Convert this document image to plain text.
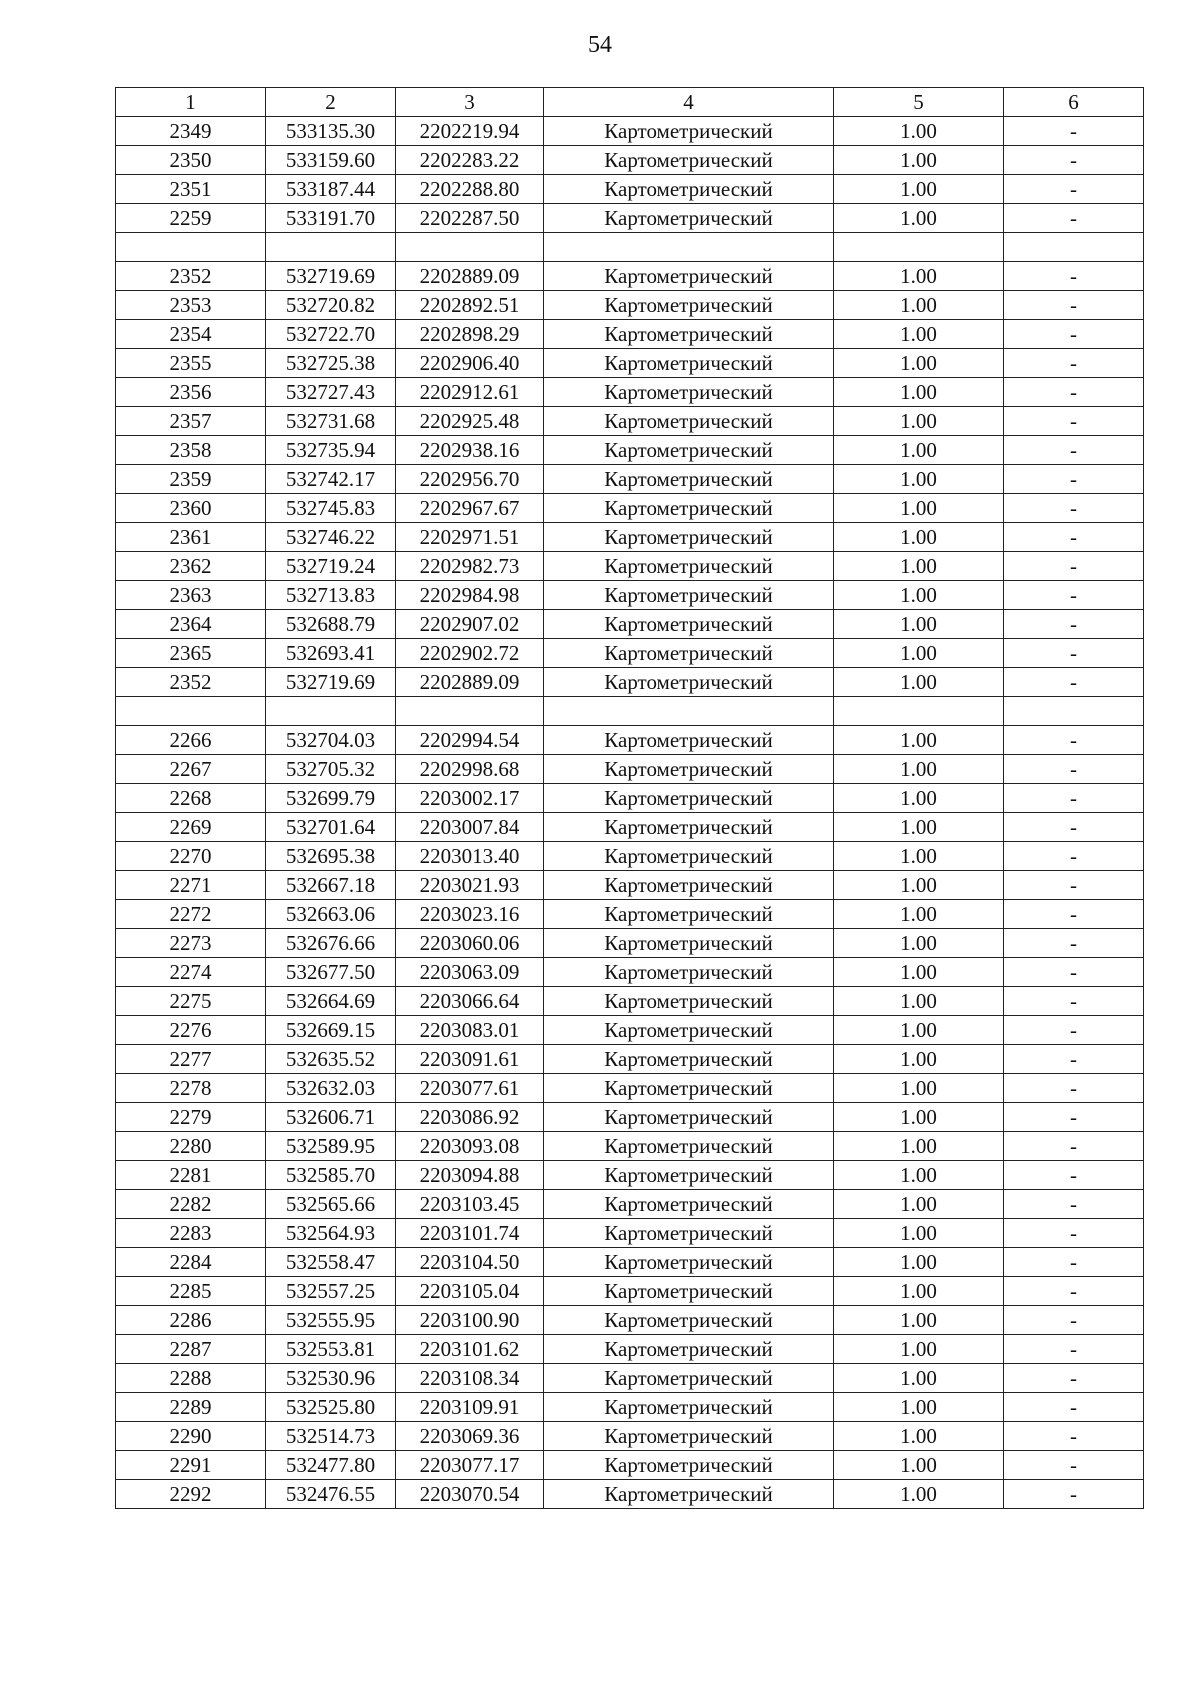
54
1	2	3	4	5	6
2349	533135.30	2202219.94	Картометрический	1.00	-
2350	533159.60	2202283.22	Картометрический	1.00	-
2351	533187.44	2202288.80	Картометрический	1.00	-
2259	533191.70	2202287.50	Картометрический	1.00	-

2352	532719.69	2202889.09	Картометрический	1.00	-
2353	532720.82	2202892.51	Картометрический	1.00	-
2354	532722.70	2202898.29	Картометрический	1.00	-
2355	532725.38	2202906.40	Картометрический	1.00	-
2356	532727.43	2202912.61	Картометрический	1.00	-
2357	532731.68	2202925.48	Картометрический	1.00	-
2358	532735.94	2202938.16	Картометрический	1.00	-
2359	532742.17	2202956.70	Картометрический	1.00	-
2360	532745.83	2202967.67	Картометрический	1.00	-
2361	532746.22	2202971.51	Картометрический	1.00	-
2362	532719.24	2202982.73	Картометрический	1.00	-
2363	532713.83	2202984.98	Картометрический	1.00	-
2364	532688.79	2202907.02	Картометрический	1.00	-
2365	532693.41	2202902.72	Картометрический	1.00	-
2352	532719.69	2202889.09	Картометрический	1.00	-

2266	532704.03	2202994.54	Картометрический	1.00	-
2267	532705.32	2202998.68	Картометрический	1.00	-
2268	532699.79	2203002.17	Картометрический	1.00	-
2269	532701.64	2203007.84	Картометрический	1.00	-
2270	532695.38	2203013.40	Картометрический	1.00	-
2271	532667.18	2203021.93	Картометрический	1.00	-
2272	532663.06	2203023.16	Картометрический	1.00	-
2273	532676.66	2203060.06	Картометрический	1.00	-
2274	532677.50	2203063.09	Картометрический	1.00	-
2275	532664.69	2203066.64	Картометрический	1.00	-
2276	532669.15	2203083.01	Картометрический	1.00	-
2277	532635.52	2203091.61	Картометрический	1.00	-
2278	532632.03	2203077.61	Картометрический	1.00	-
2279	532606.71	2203086.92	Картометрический	1.00	-
2280	532589.95	2203093.08	Картометрический	1.00	-
2281	532585.70	2203094.88	Картометрический	1.00	-
2282	532565.66	2203103.45	Картометрический	1.00	-
2283	532564.93	2203101.74	Картометрический	1.00	-
2284	532558.47	2203104.50	Картометрический	1.00	-
2285	532557.25	2203105.04	Картометрический	1.00	-
2286	532555.95	2203100.90	Картометрический	1.00	-
2287	532553.81	2203101.62	Картометрический	1.00	-
2288	532530.96	2203108.34	Картометрический	1.00	-
2289	532525.80	2203109.91	Картометрический	1.00	-
2290	532514.73	2203069.36	Картометрический	1.00	-
2291	532477.80	2203077.17	Картометрический	1.00	-
2292	532476.55	2203070.54	Картометрический	1.00	-
